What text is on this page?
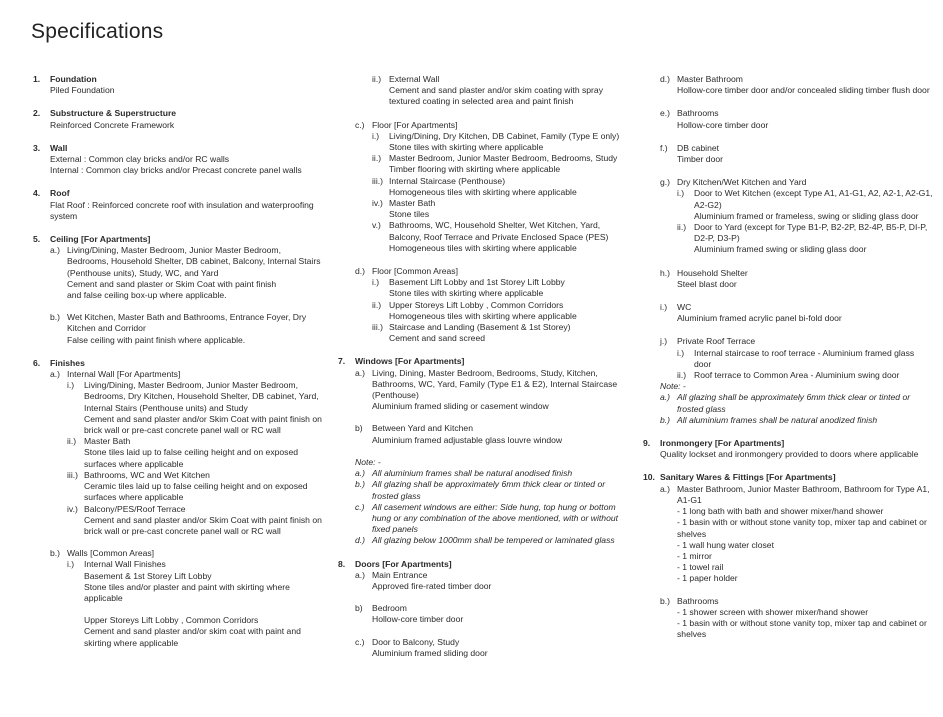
Specifications
1. Foundation
Piled Foundation
2. Substructure & Superstructure
Reinforced Concrete Framework
3. Wall
External : Common clay bricks and/or RC walls
Internal : Common clay bricks and/or Precast concrete panel walls
4. Roof
Flat Roof : Reinforced concrete roof with insulation and waterproofing system
5. Ceiling [For Apartments]
a.) Living/Dining, Master Bedroom, Junior Master Bedroom, Bedrooms, Household Shelter, DB cabinet, Balcony, Internal Stairs (Penthouse units), Study, WC, and Yard
Cement and sand plaster or Skim Coat with paint finish
and false ceiling box-up where applicable.
b.) Wet Kitchen, Master Bath and Bathrooms, Entrance Foyer, Dry Kitchen and Corridor
False ceiling with paint finish where applicable.
6. Finishes
a.) Internal Wall [For Apartments]
i.)	Living/Dining, Master Bedroom, Junior Master Bedroom, Bedrooms, Dry Kitchen, Household Shelter, DB cabinet, Yard, Internal Stairs (Penthouse units) and Study
Cement and sand plaster and/or Skim Coat with paint finish on brick wall or pre-cast concrete panel wall or RC wall
ii.) Master Bath
Stone tiles laid up to false ceiling height and on exposed surfaces where applicable
iii.) Bathrooms, WC and Wet Kitchen
Ceramic tiles laid up to false ceiling height and on exposed surfaces where applicable
iv.) Balcony/PES/Roof Terrace
Cement and sand plaster and/or Skim Coat with paint finish on brick wall or pre-cast concrete panel wall or RC wall
b.) Walls [Common Areas]
i.)	Internal Wall Finishes
Basement & 1st Storey Lift Lobby
Stone tiles and/or plaster and paint with skirting where applicable
Upper Storeys Lift Lobby , Common Corridors
Cement and sand plaster and/or skim coat with paint and skirting where applicable
ii.) External Wall
Cement and sand plaster and/or skim coating with spray textured coating in selected area and paint finish
c.) Floor [For Apartments]
i.)	Living/Dining, Dry Kitchen, DB Cabinet, Family (Type E only)
Stone tiles with skirting where applicable
ii.) Master Bedroom, Junior Master Bedroom, Bedrooms, Study
Timber flooring with skirting where applicable
iii.) Internal Staircase (Penthouse)
Homogeneous tiles with skirting where applicable
iv.) Master Bath
Stone tiles
v.) Bathrooms, WC, Household Shelter, Wet Kitchen, Yard, Balcony, Roof Terrace and Private Enclosed Space (PES)
Homogeneous tiles with skirting where applicable
d.) Floor [Common Areas]
i.)	Basement Lift Lobby and 1st Storey Lift Lobby
Stone tiles with skirting where applicable
ii.) Upper Storeys Lift Lobby , Common Corridors
Homogeneous tiles with skirting where applicable
iii.) Staircase and Landing (Basement & 1st Storey)
Cement and sand screed
7. Windows [For Apartments]
a.) Living, Dining, Master Bedroom, Bedrooms, Study, Kitchen, Bathrooms, WC, Yard, Family (Type E1 & E2), Internal Staircase (Penthouse)
Aluminium framed sliding or casement window
b)	Between Yard and Kitchen
Aluminium framed adjustable glass louvre window
Note: -
a.) All aluminium frames shall be natural anodised finish
b.) All glazing shall be approximately 6mm thick clear or tinted or frosted glass
c.) All casement windows are either: Side hung, top hung or bottom hung or any combination of the above mentioned, with or without fixed panels
d.) All glazing below 1000mm shall be tempered or laminated glass
8. Doors [For Apartments]
a.) Main Entrance
Approved fire-rated timber door
b)	Bedroom
Hollow-core timber door
c.) Door to Balcony, Study
Aluminium framed sliding door
d.) Master Bathroom
Hollow-core timber door and/or concealed sliding timber flush door
e.) Bathrooms
Hollow-core timber door
f.)	DB cabinet
Timber door
g.) Dry Kitchen/Wet Kitchen and Yard
i.)	Door to Wet Kitchen (except Type A1, A1-G1, A2, A2-1, A2-G1, A2-G2)
Aluminium framed or frameless, swing or sliding glass door
ii.) Door to Yard (except for Type B1-P, B2-2P, B2-4P, B5-P, DI-P, D2-P, D3-P)
Aluminium framed swing or sliding glass door
h.) Household Shelter
Steel blast door
i.)	WC
Aluminium framed acrylic panel bi-fold door
j.)	Private Roof Terrace
i.)	Internal staircase to roof terrace - Aluminium framed glass door
ii.) Roof terrace to Common Area - Aluminium swing door
Note: -
a.) All glazing shall be approximately 6mm thick clear or tinted or frosted glass
b.) All aluminium frames shall be natural anodized finish
9. Ironmongery [For Apartments]
Quality lockset and ironmongery provided to doors where applicable
10. Sanitary Wares & Fittings [For Apartments]
a.) Master Bathroom, Junior Master Bathroom, Bathroom for Type A1, A1-G1
- 1 long bath with bath and shower mixer/hand shower
- 1 basin with or without stone vanity top, mixer tap and cabinet or shelves
- 1 wall hung water closet
- 1 mirror
- 1 towel rail
- 1 paper holder
b.) Bathrooms
- 1 shower screen with shower mixer/hand shower
- 1 basin with or without stone vanity top, mixer tap and cabinet or shelves
